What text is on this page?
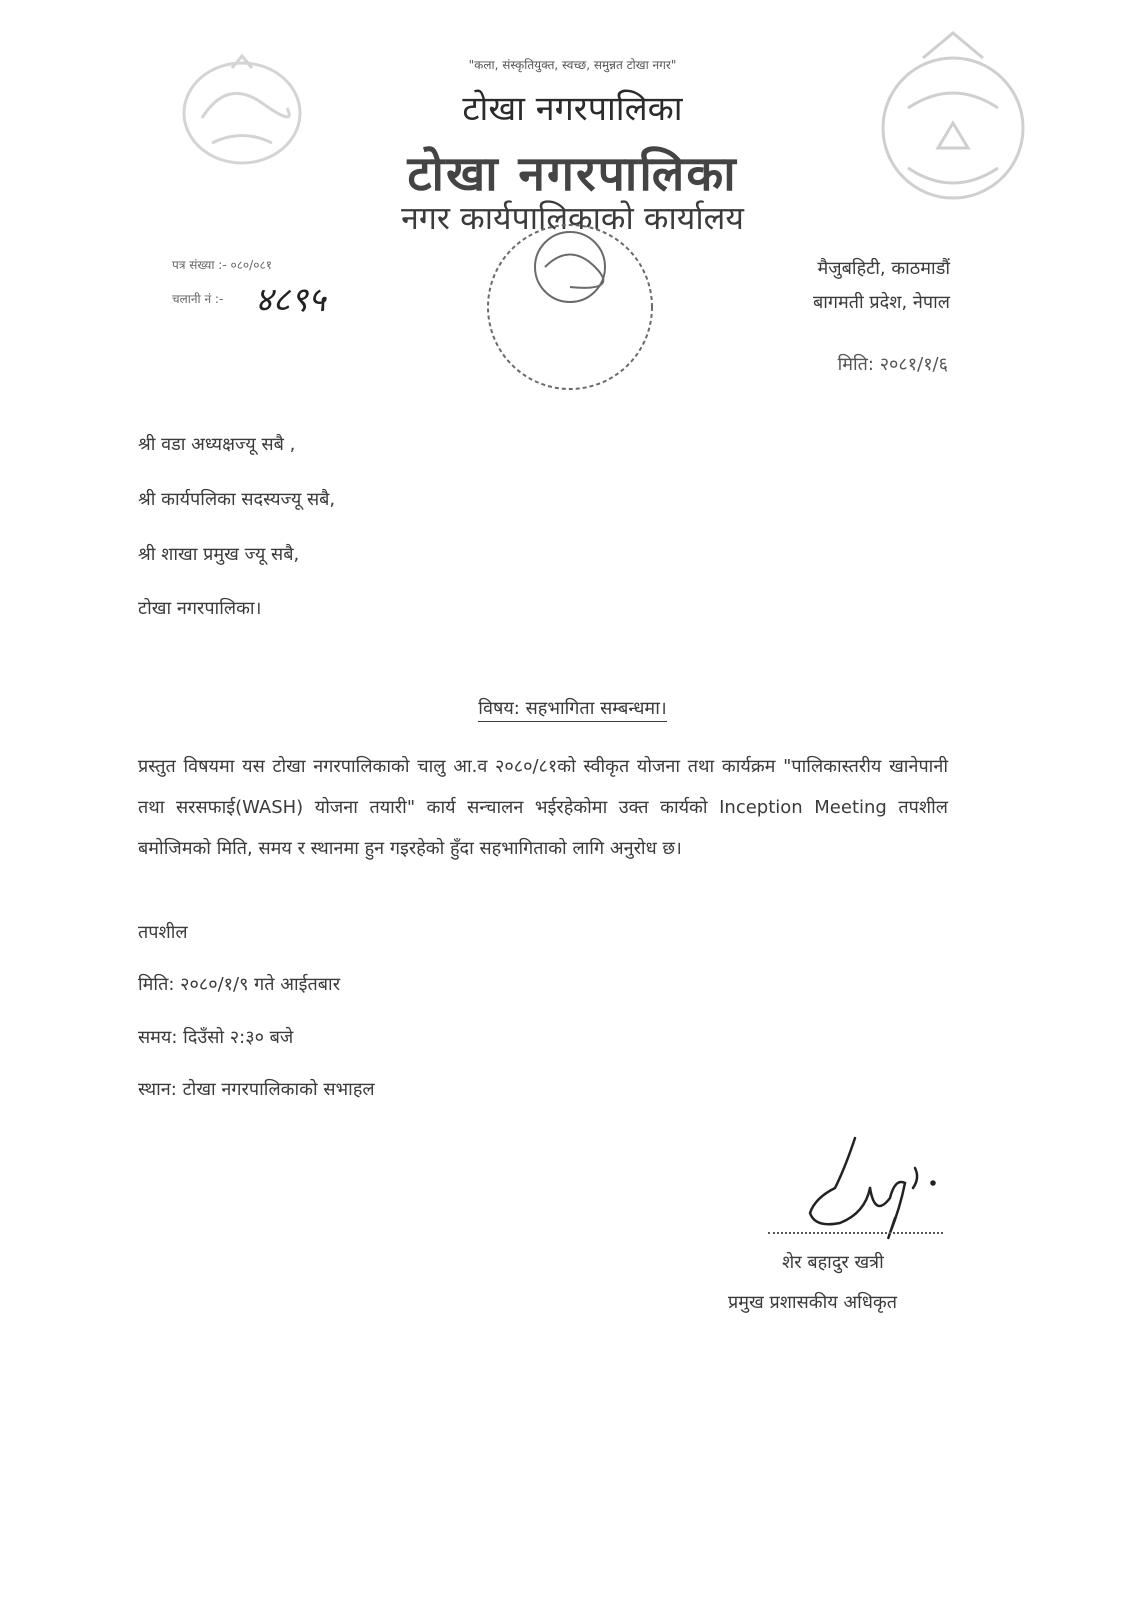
"कला, संस्कृतियुक्त, स्वच्छ, समुन्नत टोखा नगर"
टोखा नगरपालिका
टोखा नगरपालिका
नगर कार्यपालिकाको कार्यालय
पत्र संख्या :- ०८०/०८१
चलानी नं :- ४८९५
मैजुबहिटी, काठमाडौं
बागमती प्रदेश, नेपाल
मिति: २०८१/१/६
श्री वडा अध्यक्षज्यू सबै ,
श्री कार्यपलिका सदस्यज्यू सबै,
श्री शाखा प्रमुख ज्यू सबै,
टोखा नगरपालिका।
विषय: सहभागिता सम्बन्धमा।
प्रस्तुत विषयमा यस टोखा नगरपालिकाको चालु आ.व २०८०/८१को स्वीकृत योजना तथा कार्यक्रम "पालिकास्तरीय खानेपानी तथा सरसफाई(WASH) योजना तयारी" कार्य सन्चालन भईरहेकोमा उक्त कार्यको Inception Meeting तपशील बमोजिमको मिति, समय र स्थानमा हुन गइरहेको हुँदा सहभागिताको लागि अनुरोध छ।
तपशील
मिति: २०८०/१/९ गते आईतबार
समय: दिउँसो २:३० बजे
स्थान: टोखा नगरपालिकाको सभाहल
शेर बहादुर खत्री
प्रमुख प्रशासकीय अधिकृत
